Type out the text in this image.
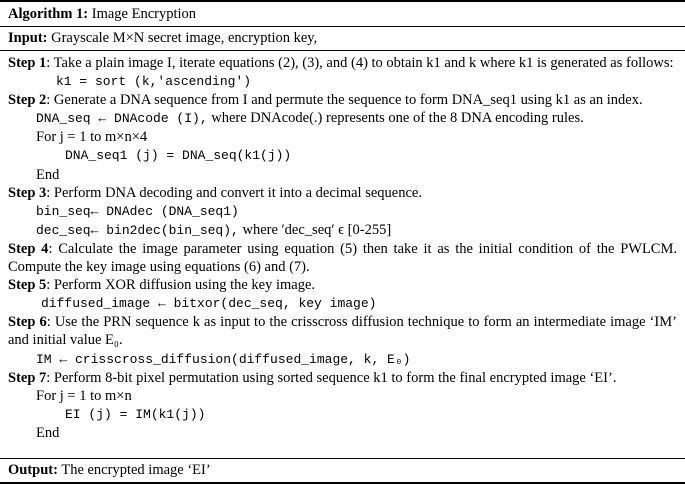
Algorithm 1: Image Encryption
Input: Grayscale M×N secret image, encryption key,
Step 1: Take a plain image I, iterate equations (2), (3), and (4) to obtain k1 and k where k1 is generated as follows:
k1 = sort (k,′ascending′)
Step 2: Generate a DNA sequence from I and permute the sequence to form DNA_seq1 using k1 as an index.
DNA_seq ← DNAcode (I), where DNAcode(.) represents one of the 8 DNA encoding rules.
For j = 1 to m×n×4
DNA_seq1 (j) = DNA_seq(k1(j))
End
Step 3: Perform DNA decoding and convert it into a decimal sequence.
bin_seq← DNAdec (DNA_seq1)
dec_seq← bin2dec(bin_seq), where ′dec_seq′ ϵ [0-255]
Step 4: Calculate the image parameter using equation (5) then take it as the initial condition of the PWLCM. Compute the key image using equations (6) and (7).
Step 5: Perform XOR diffusion using the key image.
diffused_image ← bitxor(dec_seq, key image)
Step 6: Use the PRN sequence k as input to the crisscross diffusion technique to form an intermediate image ‘IM’ and initial value E₀.
IM ← crisscross_diffusion(diffused_image, k, E₀)
Step 7: Perform 8-bit pixel permutation using sorted sequence k1 to form the final encrypted image ‘EI’.
For j = 1 to m×n
EI (j) = IM(k1(j))
End
Output: The encrypted image ‘EI’
